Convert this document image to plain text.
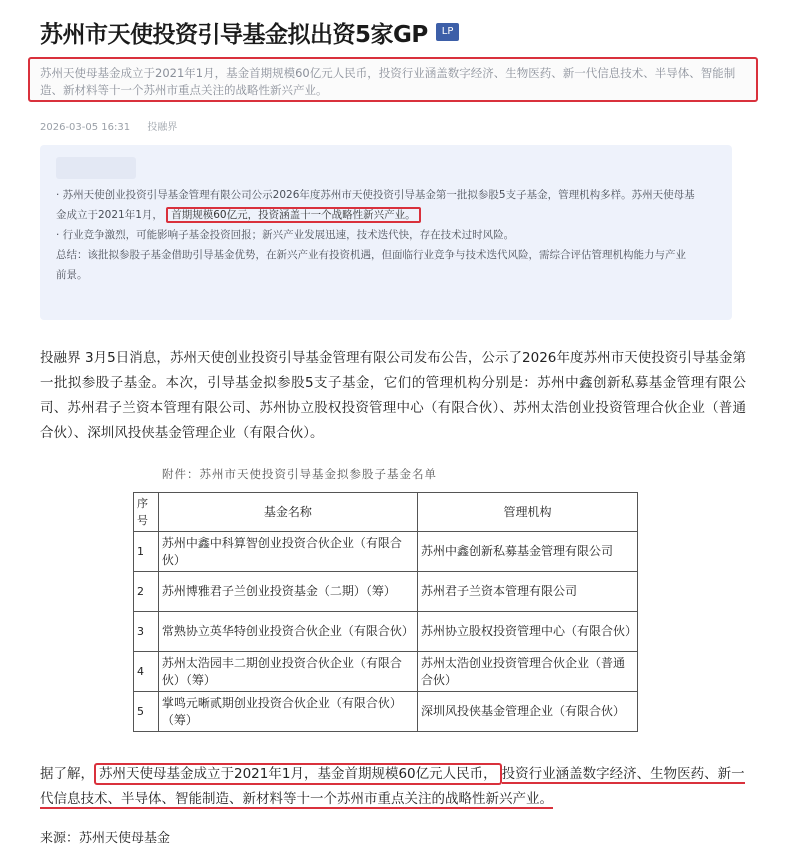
苏州市天使投资引导基金拟出资5家GP	LP
苏州天使母基金成立于2021年1月，基金首期规模60亿元人民币，投资行业涵盖数字经济、生物医药、新一代信息技术、半导体、智能制造、新材料等十一个苏州市重点关注的战略性新兴产业。
2026-03-05 16:31 投融界

· 苏州天使创业投资引导基金管理有限公司公示2026年度苏州市天使投资引导基金第一批拟参股5支子基金，管理机构多样。苏州天使母基

金成立于2021年1月， 首期规模60亿元，投资涵盖十一个战略性新兴产业。

· 行业竞争激烈，可能影响子基金投资回报；新兴产业发展迅速，技术迭代快，存在技术过时风险。

总结：该批拟参股子基金借助引导基金优势，在新兴产业有投资机遇，但面临行业竞争与技术迭代风险，需综合评估管理机构能力与产业

前景。

投融界 3月5日消息，苏州天使创业投资引导基金管理有限公司发布公告，公示了2026年度苏州市天使投资引导基金第一批拟参股子基金。本次，引导基金拟参股5支子基金，它们的管理机构分别是：苏州中鑫创新私募基金管理有限公司、苏州君子兰资本管理有限公司、苏州协立股权投资管理中心（有限合伙）、苏州太浩创业投资管理合伙企业（普通合伙）、深圳风投侠基金管理企业（有限合伙）。
附件：苏州市天使投资引导基金拟参股子基金名单
序号	基金名称	管理机构
1	苏州中鑫中科算智创业投资合伙企业（有限合伙）	苏州中鑫创新私募基金管理有限公司
2	苏州博雅君子兰创业投资基金（二期）（筹）	苏州君子兰资本管理有限公司
3	常熟协立英华特创业投资合伙企业（有限合伙）	苏州协立股权投资管理中心（有限合伙）
4	苏州太浩园丰二期创业投资合伙企业（有限合伙）（筹）	苏州太浩创业投资管理合伙企业（普通合伙）
5	掌鸣元晰贰期创业投资合伙企业（有限合伙）（筹）	深圳风投侠基金管理企业（有限合伙）
据了解， 苏州天使母基金成立于2021年1月，基金首期规模60亿元人民币， 投资行业涵盖数字经济、生物医药、新一代信息技术、半导体、智能制造、新材料等十一个苏州市重点关注的战略性新兴产业。
来源：苏州天使母基金
